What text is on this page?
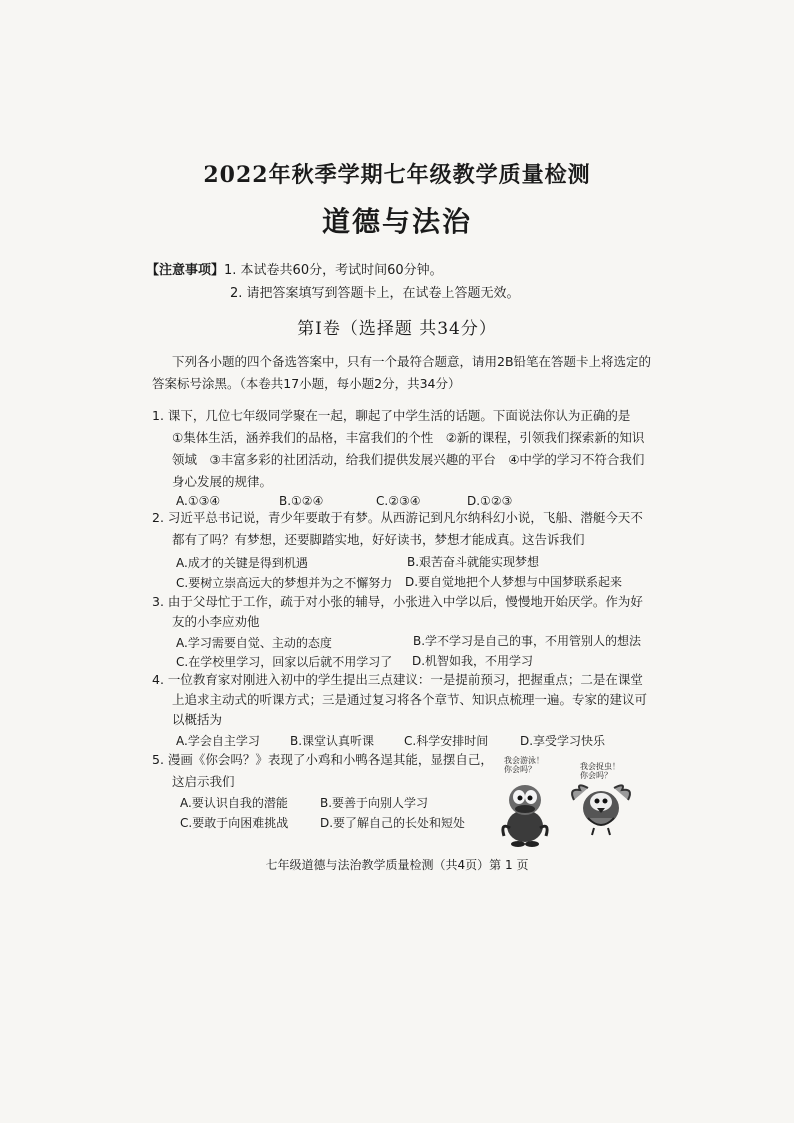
2022年秋季学期七年级教学质量检测
道德与法治
【注意事项】1. 本试卷共60分，考试时间60分钟。
2. 请把答案填写到答题卡上，在试卷上答题无效。
第Ⅰ卷（选择题 共34分）
下列各小题的四个备选答案中，只有一个最符合题意，请用2B铅笔在答题卡上将选定的
答案标号涂黑。（本卷共17小题，每小题2分，共34分）
1. 课下，几位七年级同学聚在一起，聊起了中学生活的话题。下面说法你认为正确的是
①集体生活，涵养我们的品格，丰富我们的个性　②新的课程，引领我们探索新的知识
领域　③丰富多彩的社团活动，给我们提供发展兴趣的平台　④中学的学习不符合我们
身心发展的规律。
A.①③④	B.①②④	C.②③④	D.①②③
2. 习近平总书记说，青少年要敢于有梦。从西游记到凡尔纳科幻小说，飞船、潜艇今天不
都有了吗？有梦想，还要脚踏实地，好好读书，梦想才能成真。这告诉我们
A.成才的关键是得到机遇	B.艰苦奋斗就能实现梦想
C.要树立崇高远大的梦想并为之不懈努力 D.要自觉地把个人梦想与中国梦联系起来
3. 由于父母忙于工作，疏于对小张的辅导，小张进入中学以后，慢慢地开始厌学。作为好
友的小李应劝他
A.学习需要自觉、主动的态度	B.学不学习是自己的事，不用管别人的想法
C.在学校里学习，回家以后就不用学习了 D.机智如我，不用学习
4. 一位教育家对刚进入初中的学生提出三点建议：一是提前预习，把握重点；二是在课堂
上追求主动式的听课方式；三是通过复习将各个章节、知识点梳理一遍。专家的建议可
以概括为
A.学会自主学习	B.课堂认真听课 C.科学安排时间	D.享受学习快乐
5. 漫画《你会吗？》表现了小鸡和小鸭各逞其能，显摆自己，
这启示我们
A.要认识自我的潜能	B.要善于向别人学习
C.要敢于向困难挑战	D.要了解自己的长处和短处
我会游泳！
你会吗？	我会捉虫！
你会吗？
七年级道德与法治教学质量检测（共4页）第 1 页
